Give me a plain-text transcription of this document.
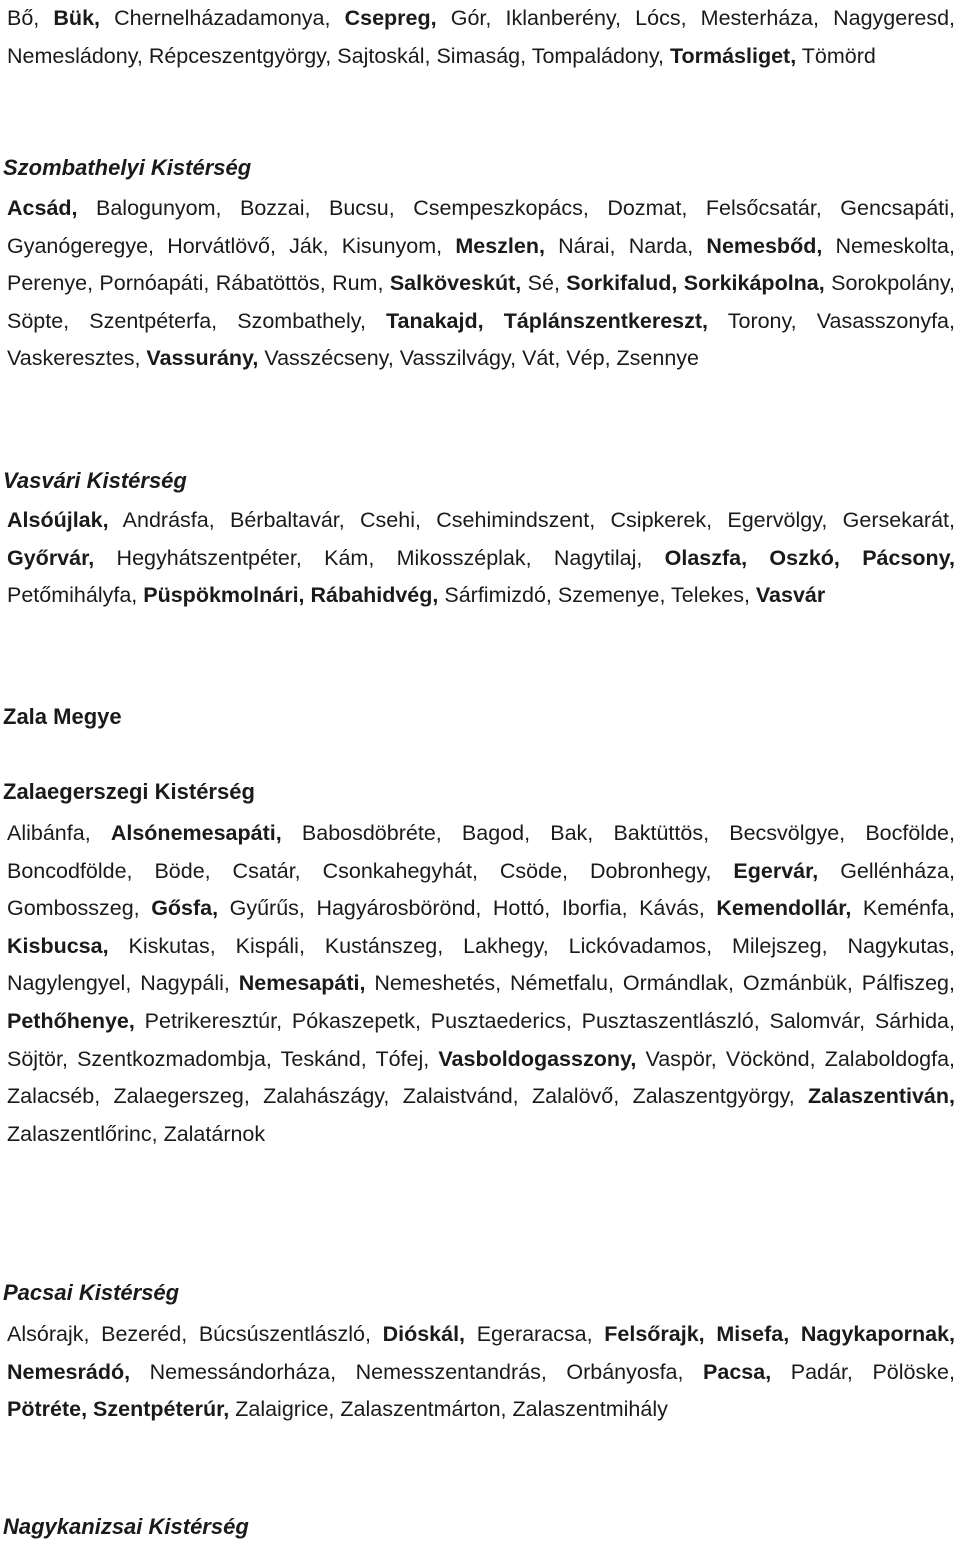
Bő, Bük, Chernelházadamonya, Csepreg, Gór, Iklanberény, Lócs, Mesterháza, Nagygeresd, Nemesládony, Répceszentgyörgy, Sajtoskál, Simaság, Tompaládony, Tormásliget, Tömörd

Szombathelyi Kistérség

Acsád, Balogunyom, Bozzai, Bucsu, Csempeszkopács, Dozmat, Felsőcsatár, Gencsapáti, Gyanógeregye, Horvátlövő, Ják, Kisunyom, Meszlen, Nárai, Narda, Nemesbőd, Nemeskolta, Perenye, Pornóapáti, Rábatöttös, Rum, Salköveskút, Sé, Sorkifalud, Sorkikápolna, Sorokpolány, Söpte, Szentpéterfa, Szombathely, Tanakajd, Táplánszentkereszt, Torony, Vasasszonyfa, Vaskeresztes, Vassurány, Vasszécseny, Vasszilvágy, Vát, Vép, Zsennye

Vasvári Kistérség

Alsóújlak, Andrásfa, Bérbaltavár, Csehi, Csehimindszent, Csipkerek, Egervölgy, Gersekarát, Győrvár, Hegyhátszentpéter, Kám, Mikosszéplak, Nagytilaj, Olaszfa, Oszkó, Pácsony, Petőmihályfa, Püspökmolnári, Rábahidvég, Sárfimizdó, Szemenye, Telekes, Vasvár

Zala Megye
Zalaegerszegi Kistérség

Alibánfa, Alsónemesapáti, Babosdöbréte, Bagod, Bak, Baktüttös, Becsvölgye, Bocfölde, Boncodfölde, Böde, Csatár, Csonkahegyhát, Csöde, Dobronhegy, Egervár, Gellénháza, Gombosszeg, Gősfa, Gyűrűs, Hagyárosbörönd, Hottó, Iborfia, Kávás, Kemendollár, Keménfa, Kisbucsa, Kiskutas, Kispáli, Kustánszeg, Lakhegy, Lickóvadamos, Milejszeg, Nagykutas, Nagylengyel, Nagypáli, Nemesapáti, Nemeshetés, Németfalu, Ormándlak, Ozmánbük, Pálfiszeg, Pethőhenye, Petrikeresztúr, Pókaszepetk, Pusztaederics, Pusztaszentlászló, Salomvár, Sárhida, Söjtör, Szentkozmadombja, Teskánd, Tófej, Vasboldogasszony, Vaspör, Vöckönd, Zalaboldogfa, Zalacséb, Zalaegerszeg, Zalahászágy, Zalaistvánd, Zalalövő, Zalaszentgyörgy, Zalaszentiván, Zalaszentlőrinc, Zalatárnok

Pacsai Kistérség

Alsórajk, Bezeréd, Búcsúszentlászló, Dióskál, Egeraracsa, Felsőrajk, Misefa, Nagykapornak, Nemesrádó, Nemessándorháza, Nemesszentandrás, Orbányosfa, Pacsa, Padár, Pölöske, Pötréte, Szentpéterúr, Zalaigrice, Zalaszentmárton, Zalaszentmihály

Nagykanizsai Kistérség
